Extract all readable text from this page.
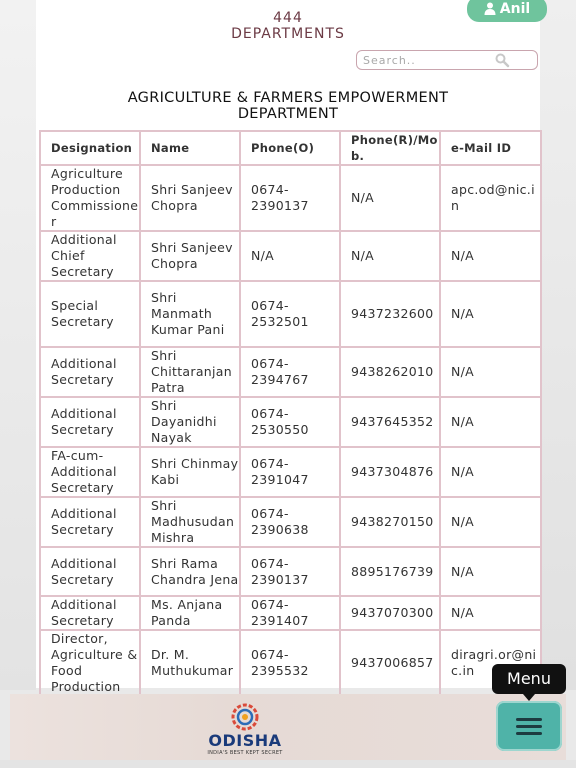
444
DEPARTMENTS
Search..
AGRICULTURE & FARMERS EMPOWERMENT
DEPARTMENT
Designation	Name	Phone(O)	Phone(R)/Mob.	e-Mail ID
Agriculture Production Commissioner	Shri Sanjeev Chopra	0674-2390137	N/A	apc.od@nic.in
Additional Chief Secretary	Shri Sanjeev Chopra	N/A	N/A	N/A
Special Secretary	Shri Manmath Kumar Pani	0674-2532501	9437232600	N/A
Additional Secretary	Shri Chittaranjan Patra	0674-2394767	9438262010	N/A
Additional Secretary	Shri Dayanidhi Nayak	0674-2530550	9437645352	N/A
FA-cum-Additional Secretary	Shri Chinmay Kabi	0674-2391047	9437304876	N/A
Additional Secretary	Shri Madhusudan Mishra	0674-2390638	9438270150	N/A
Additional Secretary	Shri Rama Chandra Jena	0674-2390137	8895176739	N/A
Additional Secretary	Ms. Anjana Panda	0674-2391407	9437070300	N/A
Director, Agriculture & Food Production	Dr. M. Muthukumar	0674-2395532	9437006857	diragri.or@nic.in

Anil
ODISHA
INDIA'S BEST KEPT SECRET
Menu
